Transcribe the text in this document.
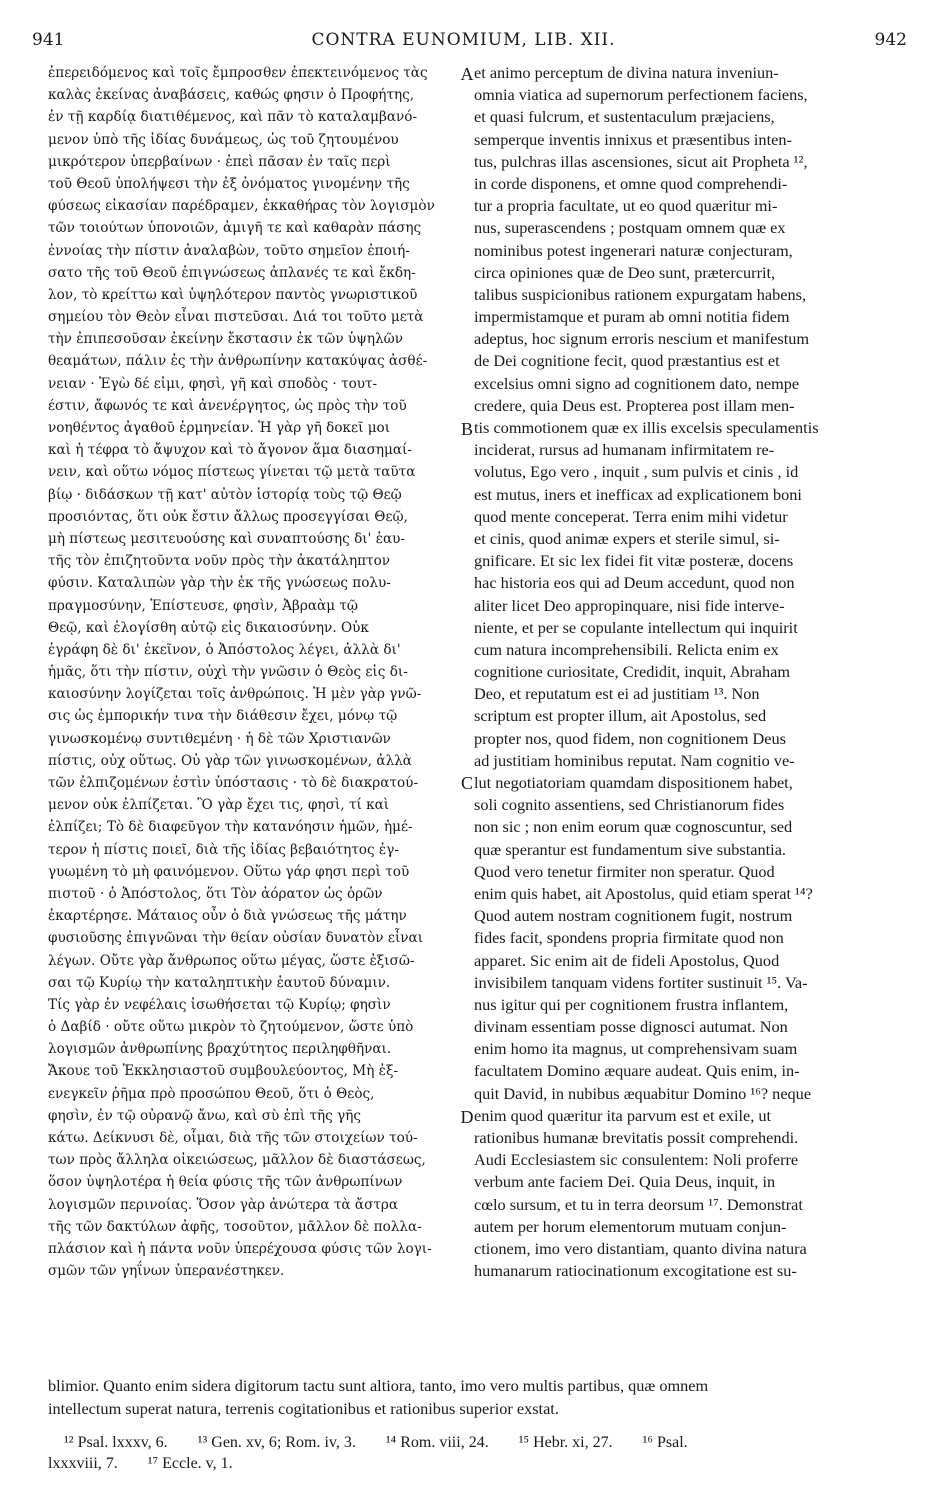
CONTRA EUNOMIUM, LIB. XII.
941	942
ἐπερειδόμενος καὶ τοῖς ἔμπροσθεν ἐπεκτεινόμενος τὰς
καλὰς ἐκείνας ἀναβάσεις, καθώς φησιν ὁ Προφήτης,
ἐν τῇ καρδίᾳ διατιθέμενος, καὶ πᾶν τὸ καταλαμβανό-
μενον ὑπὸ τῆς ἰδίας δυνάμεως, ὡς τοῦ ζητουμένου
μικρότερον ὑπερβαίνων · ἐπεὶ πᾶσαν ἐν ταῖς περὶ
τοῦ Θεοῦ ὑπολήψεσι τὴν ἐξ ὀνόματος γινομένην τῆς
φύσεως εἰκασίαν παρέδραμεν, ἐκκαθήρας τὸν λογισμὸν
τῶν τοιούτων ὑπονοιῶν, ἀμιγῆ τε καὶ καθαρὰν πάσης
ἐννοίας τὴν πίστιν ἀναλαβὼν, τοῦτο σημεῖον ἐποιή-
σατο τῆς τοῦ Θεοῦ ἐπιγνώσεως ἀπλανές τε καὶ ἔκδη-
λον, τὸ κρείττω καὶ ὑψηλότερον παντὸς γνωριστικοῦ
σημείου τὸν Θεὸν εἶναι πιστεῦσαι. Διά τοι τοῦτο μετὰ
τὴν ἐπιπεσοῦσαν ἐκείνην ἔκστασιν ἐκ τῶν ὑψηλῶν
θεαμάτων, πάλιν ἐς τὴν ἀνθρωπίνην κατακύψας ἀσθέ-
νειαν · Ἐγὼ δέ εἰμι, φησὶ, γῆ καὶ σποδὸς · τουτ-
έστιν, ἄφωνός τε καὶ ἀνενέργητος, ὡς πρὸς τὴν τοῦ
νοηθέντος ἀγαθοῦ ἑρμηνείαν. Ἡ γὰρ γῆ δοκεῖ μοι
καὶ ἡ τέφρα τὸ ἄψυχον καὶ τὸ ἄγονον ἅμα διασημαί-
νειν, καὶ οὕτω νόμος πίστεως γίνεται τῷ μετὰ ταῦτα
βίῳ · διδάσκων τῇ κατ' αὐτὸν ἱστορίᾳ τοὺς τῷ Θεῷ
προσιόντας, ὅτι οὐκ ἔστιν ἄλλως προσεγγίσαι Θεῷ,
μὴ πίστεως μεσιτευούσης καὶ συναπτούσης δι' ἑαυ-
τῆς τὸν ἐπιζητοῦντα νοῦν πρὸς τὴν ἀκατάληπτον
φύσιν. Καταλιπὼν γὰρ τὴν ἐκ τῆς γνώσεως πολυ-
πραγμοσύνην, Ἐπίστευσε, φησὶν, Ἀβραὰμ τῷ
Θεῷ, καὶ ἐλογίσθη αὐτῷ εἰς δικαιοσύνην. Οὐκ
ἐγράφη δὲ δι' ἐκεῖνον, ὁ Ἀπόστολος λέγει, ἀλλὰ δι'
ἡμᾶς, ὅτι τὴν πίστιν, οὐχὶ τὴν γνῶσιν ὁ Θεὸς εἰς δι-
καιοσύνην λογίζεται τοῖς ἀνθρώποις. Ἡ μὲν γὰρ γνῶ-
σις ὡς ἐμπορικήν τινα τὴν διάθεσιν ἔχει, μόνῳ τῷ
γινωσκομένῳ συντιθεμένη · ἡ δὲ τῶν Χριστιανῶν
πίστις, οὐχ οὕτως. Οὐ γὰρ τῶν γινωσκομένων, ἀλλὰ
τῶν ἐλπιζομένων ἐστὶν ὑπόστασις · τὸ δὲ διακρατού-
μενον οὐκ ἐλπίζεται. Ὃ γὰρ ἔχει τις, φησὶ, τί καὶ
ἐλπίζει; Τὸ δὲ διαφεῦγον τὴν κατανόησιν ἡμῶν, ἡμέ-
τερον ἡ πίστις ποιεῖ, διὰ τῆς ἰδίας βεβαιότητος ἐγ-
γυωμένη τὸ μὴ φαινόμενον. Οὕτω γάρ φησι περὶ τοῦ
πιστοῦ · ὁ Ἀπόστολος, ὅτι Τὸν ἀόρατον ὡς ὁρῶν
ἐκαρτέρησε. Μάταιος οὖν ὁ διὰ γνώσεως τῆς μάτην
φυσιοῦσης ἐπιγνῶναι τὴν θείαν οὐσίαν δυνατὸν εἶναι
λέγων. Οὔτε γὰρ ἄνθρωπος οὕτω μέγας, ὥστε ἐξισῶ-
σαι τῷ Κυρίῳ τὴν καταληπτικὴν ἑαυτοῦ δύναμιν.
Τίς γὰρ ἐν νεφέλαις ἰσωθήσεται τῷ Κυρίῳ; φησὶν
ὁ Δαβίδ · οὔτε οὕτω μικρὸν τὸ ζητούμενον, ὥστε ὑπὸ
λογισμῶν ἀνθρωπίνης βραχύτητος περιληφθῆναι.
Ἄκουε τοῦ Ἐκκλησιαστοῦ συμβουλεύοντος, Μὴ ἐξ-
ενεγκεῖν ῥῆμα πρὸ προσώπου Θεοῦ, ὅτι ὁ Θεὸς,
φησὶν, ἐν τῷ οὐρανῷ ἄνω, καὶ σὺ ἐπὶ τῆς γῆς
κάτω. Δείκνυσι δὲ, οἶμαι, διὰ τῆς τῶν στοιχείων τού-
των πρὸς ἄλληλα οἰκειώσεως, μᾶλλον δὲ διαστάσεως,
ὅσον ὑψηλοτέρα ἡ θεία φύσις τῆς τῶν ἀνθρωπίνων
λογισμῶν περινοίας. Ὅσον γὰρ ἀνώτερα τὰ ἄστρα
τῆς τῶν δακτύλων ἀφῆς, τοσοῦτον, μᾶλλον δὲ πολλα-
πλάσιον καὶ ἡ πάντα νοῦν ὑπερέχουσα φύσις τῶν λογι-
σμῶν τῶν γηΐνων ὑπερανέστηκεν.
et animo perceptum de divina natura inveniun-
omnia viatica ad supernorum perfectionem faciens,
et quasi fulcrum, et sustentaculum præjaciens,
semperque inventis innixus et præsentibus inten-
tus, pulchras illas ascensiones, sicut ait Propheta ¹²,
in corde disponens, et omne quod comprehendi-
tur a propria facultate, ut eo quod quæritur mi-
nus, superascendens ; postquam omnem quæ ex
nominibus potest ingenerari naturæ conjecturam,
circa opiniones quæ de Deo sunt, prætercurrit,
talibus suspicionibus rationem expurgatam habens,
impermistamque et puram ab omni notitia fidem
adeptus, hoc signum erroris nescium et manifestum
de Dei cognitione fecit, quod præstantius est et
excelsius omni signo ad cognitionem dato, nempe
credere, quia Deus est. Propterea post illam men-
tis commotionem quæ ex illis excelsis speculamentis
inciderat, rursus ad humanam infirmitatem re-
volutus, Ego vero , inquit , sum pulvis et cinis , id
est mutus, iners et inefficax ad explicationem boni
quod mente conceperat. Terra enim mihi videtur
et cinis, quod animæ expers et sterile simul, si-
gnificare. Et sic lex fidei fit vitæ posteræ, docens
hac historia eos qui ad Deum accedunt, quod non
aliter licet Deo appropinquare, nisi fide interve-
niente, et per se copulante intellectum qui inquirit
cum natura incomprehensibili. Relicta enim ex
cognitione curiositate, Credidit, inquit, Abraham
Deo, et reputatum est ei ad justitiam ¹³. Non
scriptum est propter illum, ait Apostolus, sed
propter nos, quod fidem, non cognitionem Deus
ad justitiam hominibus reputat. Nam cognitio ve-
lut negotiatoriam quamdam dispositionem habet,
soli cognito assentiens, sed Christianorum fides
non sic ; non enim eorum quæ cognoscuntur, sed
quæ sperantur est fundamentum sive substantia.
Quod vero tenetur firmiter non speratur. Quod
enim quis habet, ait Apostolus, quid etiam sperat ¹⁴?
Quod autem nostram cognitionem fugit, nostrum
fides facit, spondens propria firmitate quod non
apparet. Sic enim ait de fideli Apostolus, Quod
invisibilem tanquam videns fortiter sustinuit ¹⁵. Va-
nus igitur qui per cognitionem frustra inflantem,
divinam essentiam posse dignosci autumat. Non
enim homo ita magnus, ut comprehensivam suam
facultatem Domino æquare audeat. Quis enim, in-
quit David, in nubibus æquabitur Domino ¹⁶? neque
enim quod quæritur ita parvum est et exile, ut
rationibus humanæ brevitatis possit comprehendi.
Audi Ecclesiastem sic consulentem: Noli proferre
verbum ante faciem Dei. Quia Deus, inquit, in
cœlo sursum, et tu in terra deorsum ¹⁷. Demonstrat
autem per horum elementorum mutuam conjun-
ctionem, imo vero distantiam, quanto divina natura
humanarum ratiocinationum excogitatione est su-
A
B
C
D
blimior. Quanto enim sidera digitorum tactu sunt altiora, tanto, imo vero multis partibus, quæ omnem
intellectum superat natura, terrenis cogitationibus et rationibus superior exstat.
¹² Psal. lxxxv, 6. ¹³ Gen. xv, 6; Rom. iv, 3. ¹⁴ Rom. viii, 24. ¹⁵ Hebr. xi, 27. ¹⁶ Psal.
lxxxviii, 7. ¹⁷ Eccle. v, 1.
